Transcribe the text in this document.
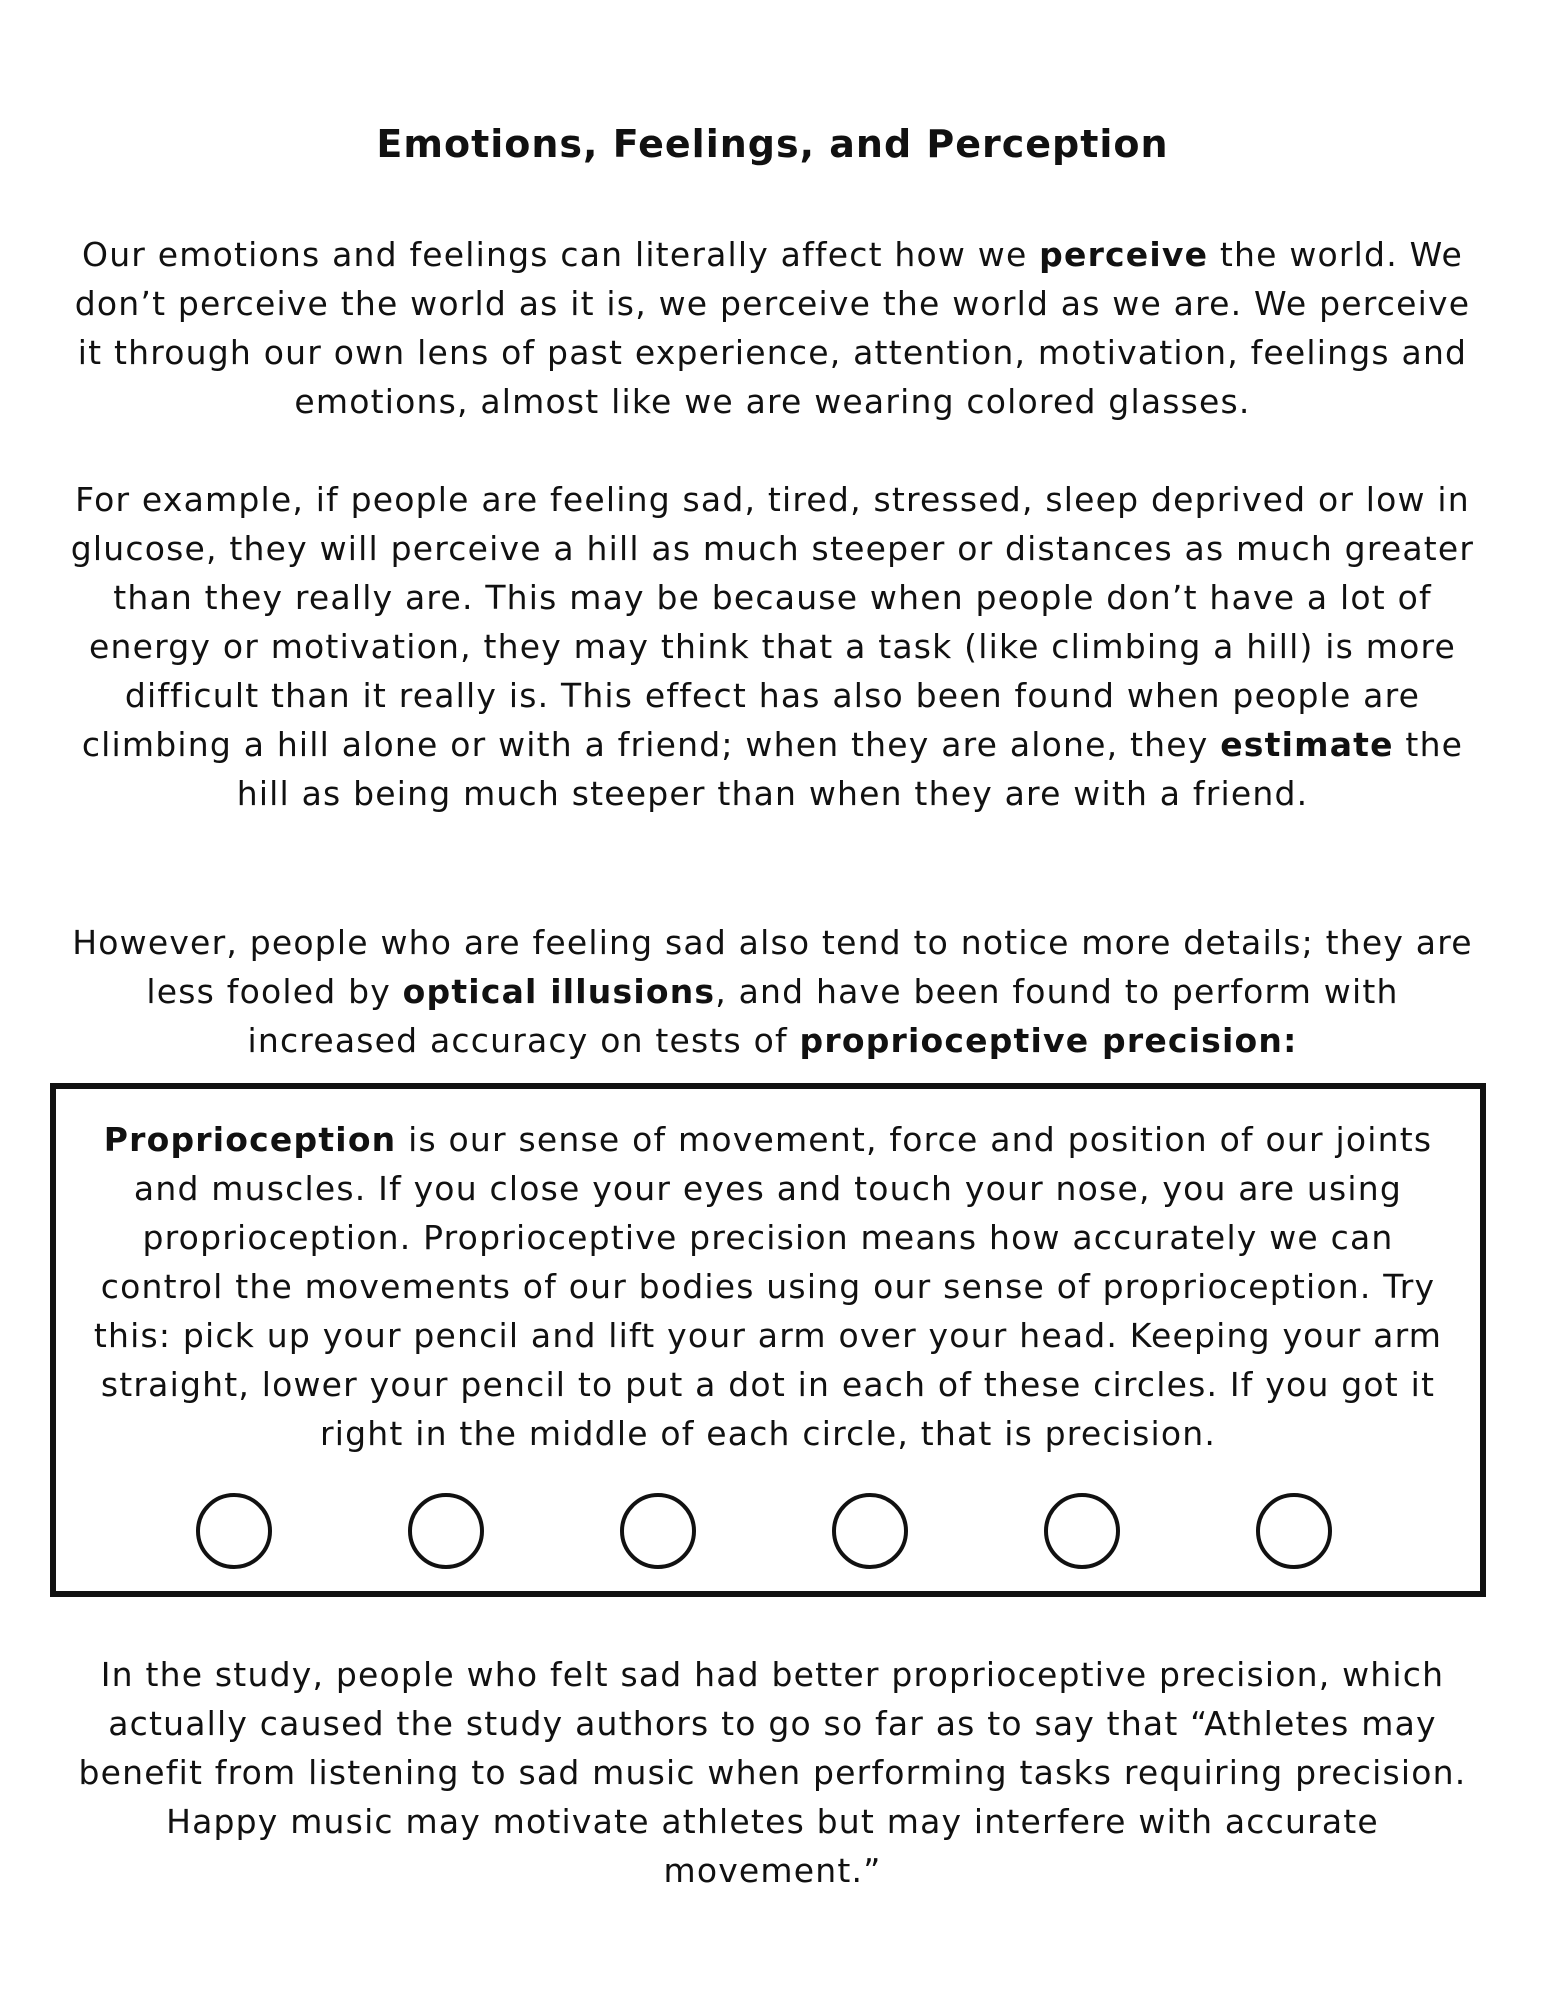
Emotions, Feelings, and Perception

Our emotions and feelings can literally affect how we perceive the world. We don’t perceive the world as it is, we perceive the world as we are. We perceive it through our own lens of past experience, attention, motivation, feelings and emotions, almost like we are wearing colored glasses.

For example, if people are feeling sad, tired, stressed, sleep deprived or low in glucose, they will perceive a hill as much steeper or distances as much greater than they really are. This may be because when people don’t have a lot of energy or motivation, they may think that a task (like climbing a hill) is more difficult than it really is. This effect has also been found when people are climbing a hill alone or with a friend; when they are alone, they estimate the hill as being much steeper than when they are with a friend.

However, people who are feeling sad also tend to notice more details; they are less fooled by optical illusions, and have been found to perform with increased accuracy on tests of proprioceptive precision:

Proprioception is our sense of movement, force and position of our joints and muscles. If you close your eyes and touch your nose, you are using proprioception. Proprioceptive precision means how accurately we can control the movements of our bodies using our sense of proprioception. Try this: pick up your pencil and lift your arm over your head. Keeping your arm straight, lower your pencil to put a dot in each of these circles. If you got it right in the middle of each circle, that is precision.

In the study, people who felt sad had better proprioceptive precision, which actually caused the study authors to go so far as to say that “Athletes may benefit from listening to sad music when performing tasks requiring precision. Happy music may motivate athletes but may interfere with accurate movement.”
